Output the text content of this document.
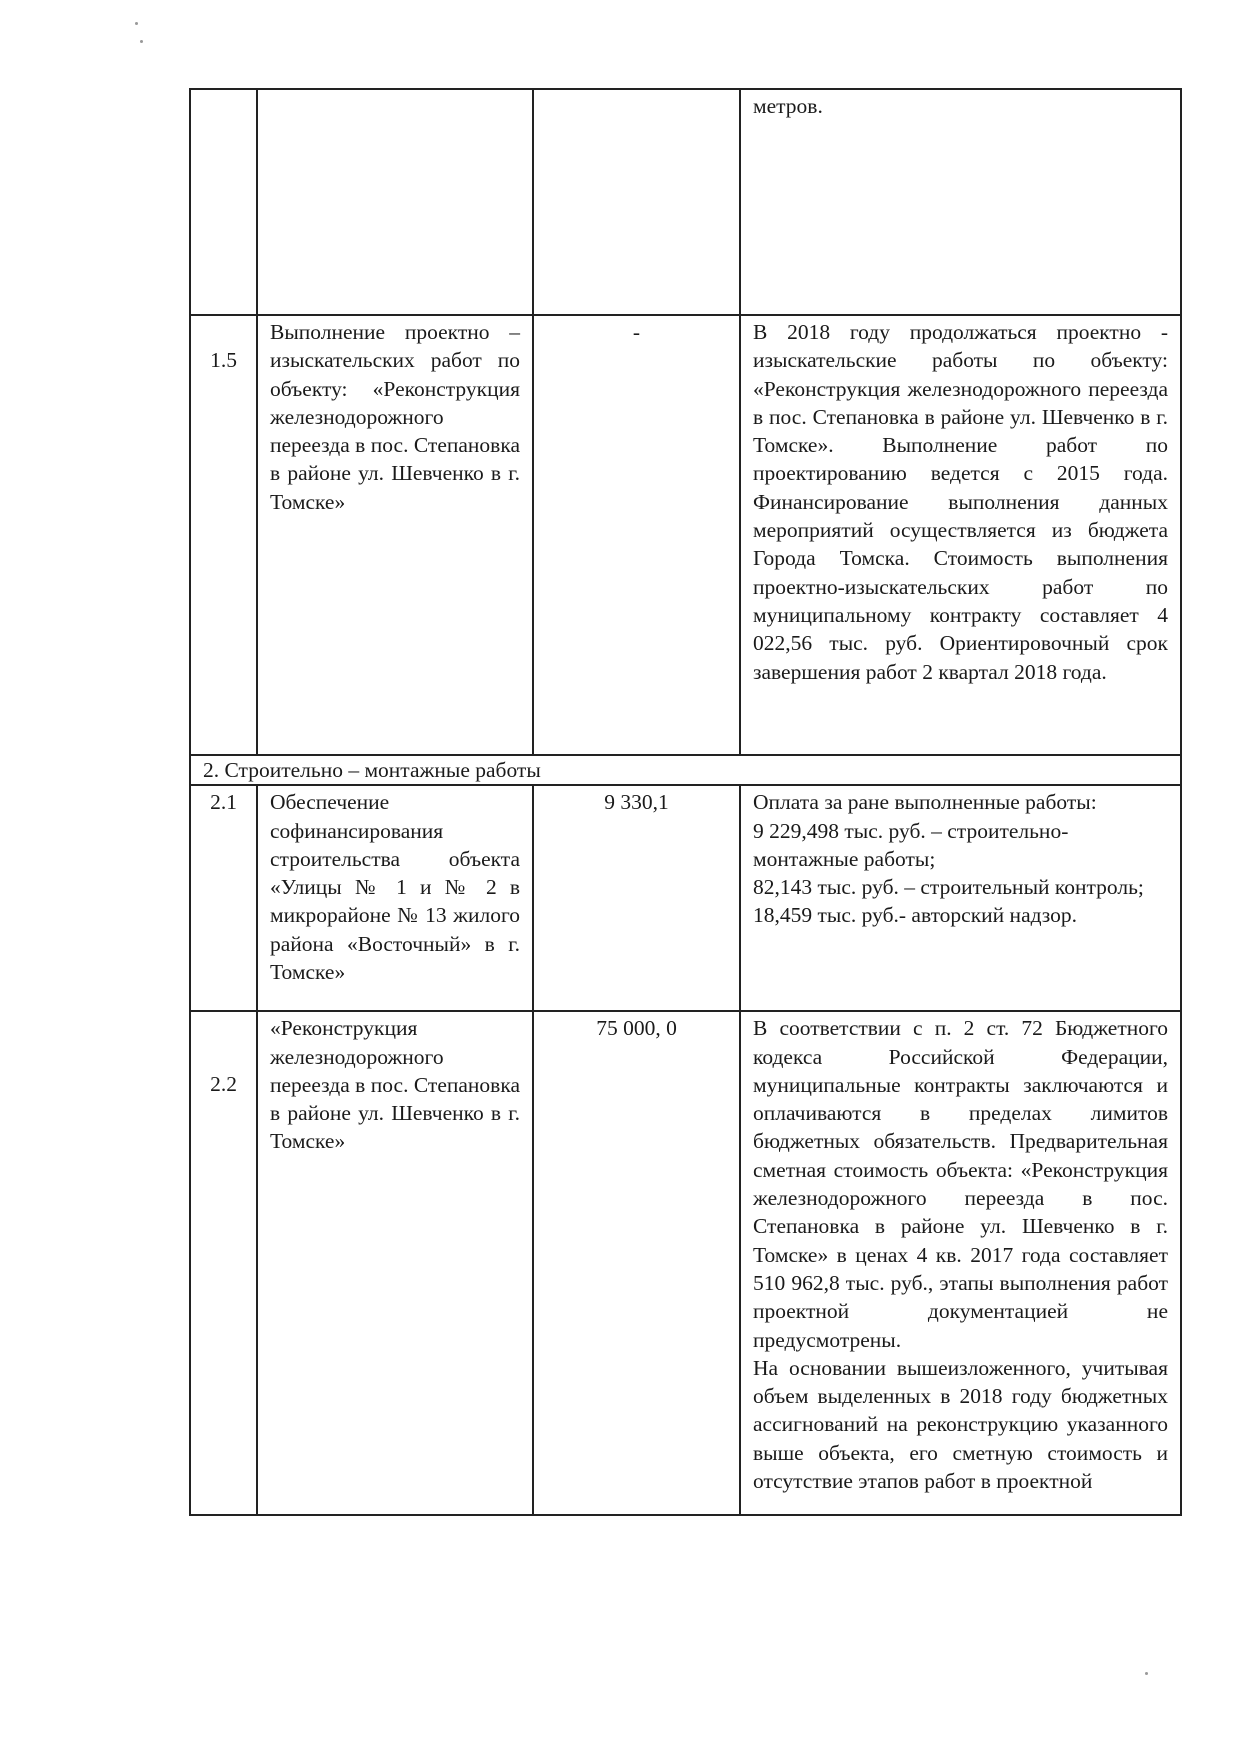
			метров.
1.5	Выполнение проектно – изыскательских работ по объекту: «Реконструкция железнодорожного переезда в пос. Степановка в районе ул. Шевченко в г. Томске»	-	В 2018 году продолжаться проектно - изыскательские работы по объекту: «Реконструкция железнодорожного переезда в пос. Степановка в районе ул. Шевченко в г. Томске». Выполнение работ по проектированию ведется с 2015 года. Финансирование выполнения данных мероприятий осуществляется из бюджета Города Томска. Стоимость выполнения проектно-изыскательских работ по муниципальному контракту составляет 4 022,56 тыс. руб. Ориентировочный срок завершения работ 2 квартал 2018 года.
2. Строительно – монтажные работы			
2.1	Обеспечение софинансирования строительства объекта «Улицы № 1 и № 2 в микрорайоне № 13 жилого района «Восточный» в г. Томске»	9 330,1	Оплата за ране выполненные работы:
9 229,498 тыс. руб. – строительно-монтажные работы;
82,143 тыс. руб. – строительный контроль;
18,459 тыс. руб.- авторский надзор.

2.2	«Реконструкция железнодорожного переезда в пос. Степановка в районе ул. Шевченко в г. Томске»	75 000, 0	В соответствии с п. 2 ст. 72 Бюджетного кодекса Российской Федерации, муниципальные контракты заключаются и оплачиваются в пределах лимитов бюджетных обязательств. Предварительная сметная стоимость объекта: «Реконструкция железнодорожного переезда в пос. Степановка в районе ул. Шевченко в г. Томске» в ценах 4 кв. 2017 года составляет 510 962,8 тыс. руб., этапы выполнения работ проектной документацией не предусмотрены.
На основании вышеизложенного, учитывая объем выделенных в 2018 году бюджетных ассигнований на реконструкцию указанного выше объекта, его сметную стоимость и отсутствие этапов работ в проектной
